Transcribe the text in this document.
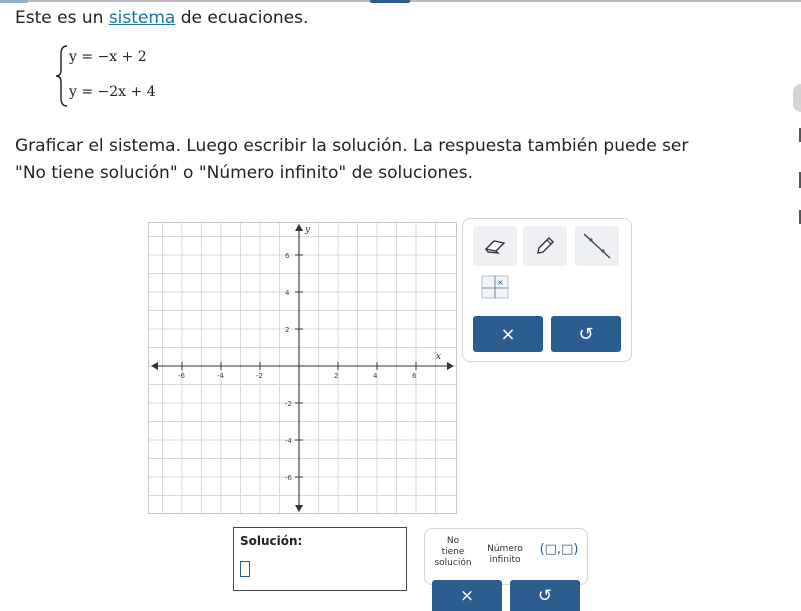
Este es un sistema de ecuaciones.
y = −x + 2
y = −2x + 4
Graficar el sistema. Luego escribir la solución. La respuesta también puede ser
"No tiene solución" o "Número infinito" de soluciones.
x
y
-6	-4	-2	2	4	6
6
4
2
-2
-4
-6
×
×	↺
Solución:	No
tiene
solución
Número
infinito
(□,□)
×	↺
